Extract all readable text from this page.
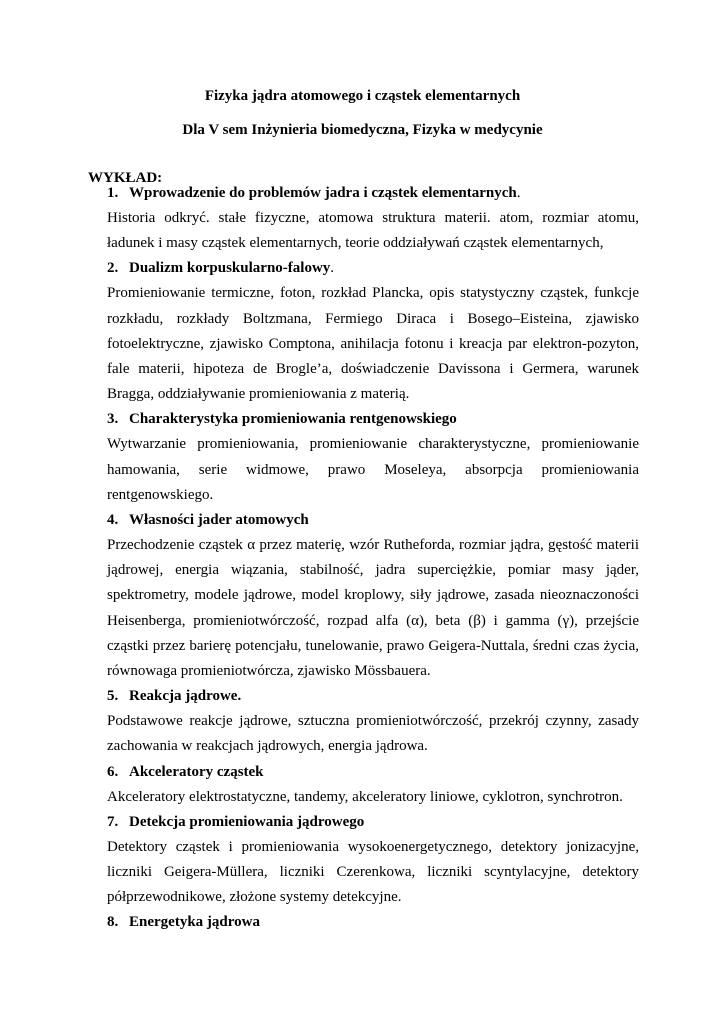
Fizyka jądra atomowego i cząstek elementarnych
Dla V sem Inżynieria biomedyczna, Fizyka w medycynie
WYKŁAD:
1. Wprowadzenie do problemów jadra i cząstek elementarnych .

Historia odkryć. stałe fizyczne, atomowa struktura materii. atom, rozmiar atomu, ładunek i masy cząstek elementarnych, teorie oddziaływań cząstek elementarnych,

2. Dualizm korpuskularno-falowy .

Promieniowanie termiczne, foton, rozkład Plancka, opis statystyczny cząstek, funkcje rozkładu, rozkłady Boltzmana, Fermiego Diraca i Bosego–Eisteina, zjawisko fotoelektryczne, zjawisko Comptona, anihilacja fotonu i kreacja par elektron-pozyton, fale materii, hipoteza de Brogle’a, doświadczenie Davissona i Germera, warunek Bragga, oddziaływanie promieniowania z materią.

3. Charakterystyka promieniowania rentgenowskiego

Wytwarzanie promieniowania, promieniowanie charakterystyczne, promieniowanie hamowania, serie widmowe, prawo Moseleya, absorpcja promieniowania rentgenowskiego.

4. Własności jader atomowych

Przechodzenie cząstek α przez materię, wzór Rutheforda, rozmiar jądra, gęstość materii jądrowej, energia wiązania, stabilność, jadra superciężkie, pomiar masy jąder, spektrometry, modele jądrowe, model kroplowy, siły jądrowe, zasada nieoznaczoności Heisenberga, promieniotwórczość, rozpad alfa (α), beta (β) i gamma (γ), przejście cząstki przez barierę potencjału, tunelowanie, prawo Geigera-Nuttala, średni czas życia, równowaga promieniotwórcza, zjawisko Mössbauera.

5. Reakcja jądrowe.

Podstawowe reakcje jądrowe, sztuczna promieniotwórczość, przekrój czynny, zasady zachowania w reakcjach jądrowych, energia jądrowa.

6. Akceleratory cząstek

Akceleratory elektrostatyczne, tandemy, akceleratory liniowe, cyklotron, synchrotron.

7. Detekcja promieniowania jądrowego

Detektory cząstek i promieniowania wysokoenergetycznego, detektory jonizacyjne, liczniki Geigera-Müllera, liczniki Czerenkowa, liczniki scyntylacyjne, detektory półprzewodnikowe, złożone systemy detekcyjne.

8. Energetyka jądrowa
